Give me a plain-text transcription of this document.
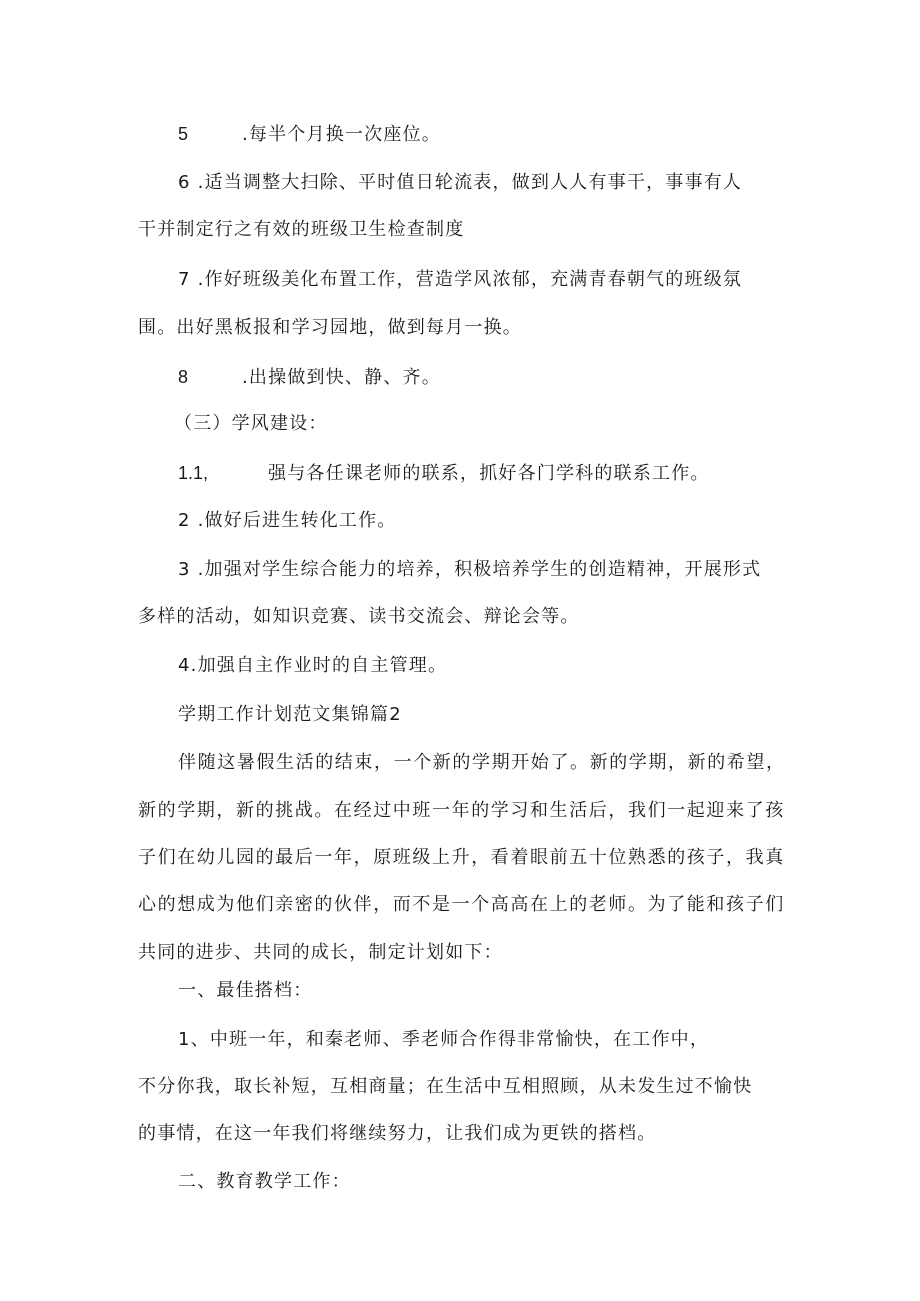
5	.每半个月换一次座位。
6 .适当调整大扫除、平时值日轮流表，做到人人有事干，事事有人
干并制定行之有效的班级卫生检查制度
7 .作好班级美化布置工作，营造学风浓郁，充满青春朝气的班级氛
围。出好黑板报和学习园地，做到每月一换。
8	.出操做到快、静、齐。
（三）学风建设：
1.1,	强与各任课老师的联系，抓好各门学科的联系工作。
2 .做好后进生转化工作。
3 .加强对学生综合能力的培养，积极培养学生的创造精神，开展形式
多样的活动，如知识竞赛、读书交流会、辩论会等。
4.加强自主作业时的自主管理。
学期工作计划范文集锦篇2
伴随这暑假生活的结束，一个新的学期开始了。新的学期，新的希望，
新的学期，新的挑战。在经过中班一年的学习和生活后，我们一起迎来了孩
子们在幼儿园的最后一年，原班级上升，看着眼前五十位熟悉的孩子，我真
心的想成为他们亲密的伙伴，而不是一个高高在上的老师。为了能和孩子们
共同的进步、共同的成长，制定计划如下：
一、最佳搭档：
1、中班一年，和秦老师、季老师合作得非常愉快，在工作中，
不分你我，取长补短，互相商量；在生活中互相照顾，从未发生过不愉快
的事情，在这一年我们将继续努力，让我们成为更铁的搭档。
二、教育教学工作：
